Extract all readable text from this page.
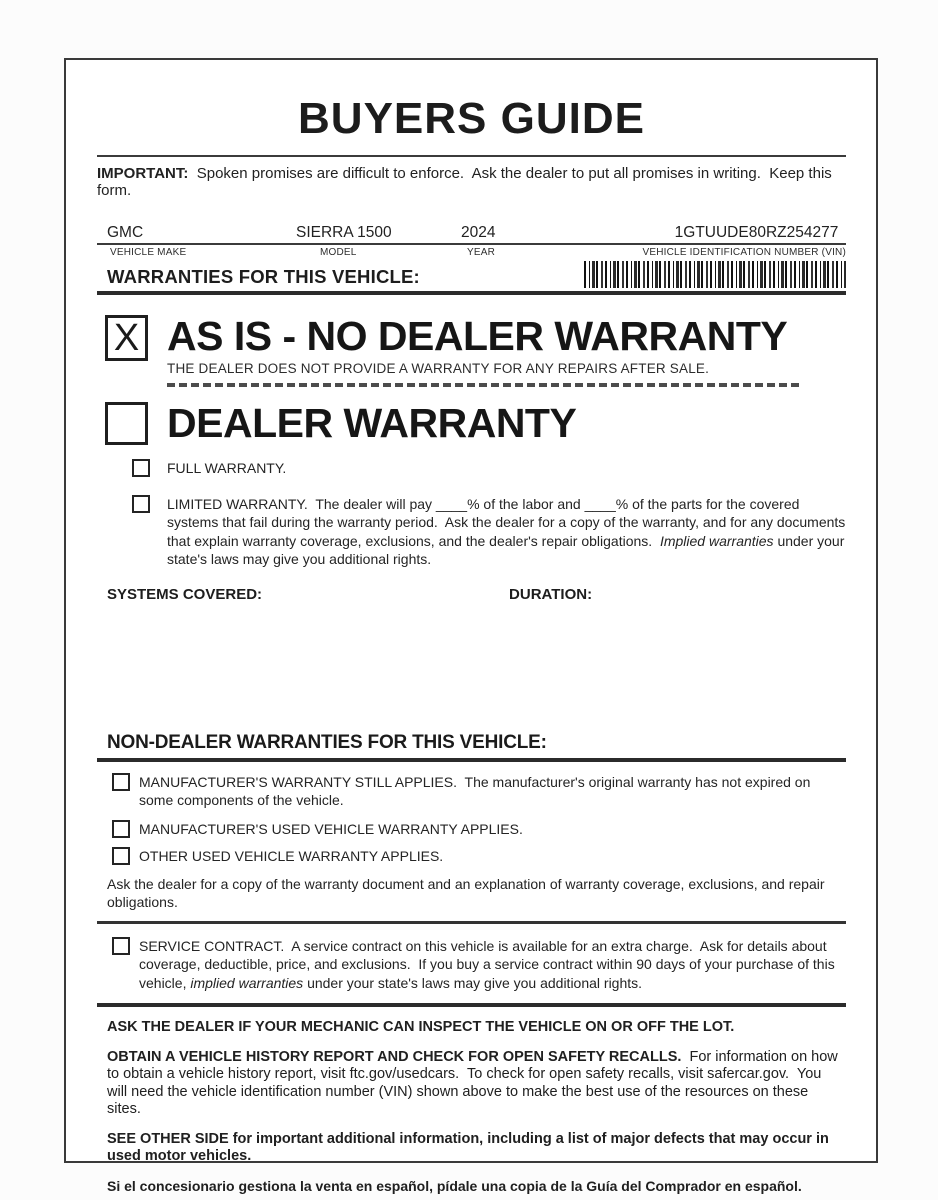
BUYERS GUIDE
IMPORTANT:  Spoken promises are difficult to enforce.  Ask the dealer to put all promises in writing.  Keep this form.
GMC	SIERRA 1500	2024	1GTUUDE80RZ254277
VEHICLE MAKE	MODEL	YEAR	VEHICLE IDENTIFICATION NUMBER (VIN)
WARRANTIES FOR THIS VEHICLE:
X AS IS - NO DEALER WARRANTY
THE DEALER DOES NOT PROVIDE A WARRANTY FOR ANY REPAIRS AFTER SALE.
DEALER WARRANTY
FULL WARRANTY.
LIMITED WARRANTY.  The dealer will pay ____% of the labor and ____% of the parts for the covered systems that fail during the warranty period.  Ask the dealer for a copy of the warranty, and for any documents that explain warranty coverage, exclusions, and the dealer's repair obligations.  Implied warranties under your state's laws may give you additional rights.
SYSTEMS COVERED:	DURATION:
NON-DEALER WARRANTIES FOR THIS VEHICLE:
MANUFACTURER'S WARRANTY STILL APPLIES.  The manufacturer's original warranty has not expired on some components of the vehicle.
MANUFACTURER'S USED VEHICLE WARRANTY APPLIES.
OTHER USED VEHICLE WARRANTY APPLIES.
Ask the dealer for a copy of the warranty document and an explanation of warranty coverage, exclusions, and repair obligations.
SERVICE CONTRACT.  A service contract on this vehicle is available for an extra charge.  Ask for details about coverage, deductible, price, and exclusions.  If you buy a service contract within 90 days of your purchase of this vehicle, implied warranties under your state's laws may give you additional rights.
ASK THE DEALER IF YOUR MECHANIC CAN INSPECT THE VEHICLE ON OR OFF THE LOT.
OBTAIN A VEHICLE HISTORY REPORT AND CHECK FOR OPEN SAFETY RECALLS.  For information on how to obtain a vehicle history report, visit ftc.gov/usedcars.  To check for open safety recalls, visit safercar.gov.  You will need the vehicle identification number (VIN) shown above to make the best use of the resources on these sites.
SEE OTHER SIDE for important additional information, including a list of major defects that may occur in used motor vehicles.
Si el concesionario gestiona la venta en español, pídale una copia de la Guía del Comprador en español.
